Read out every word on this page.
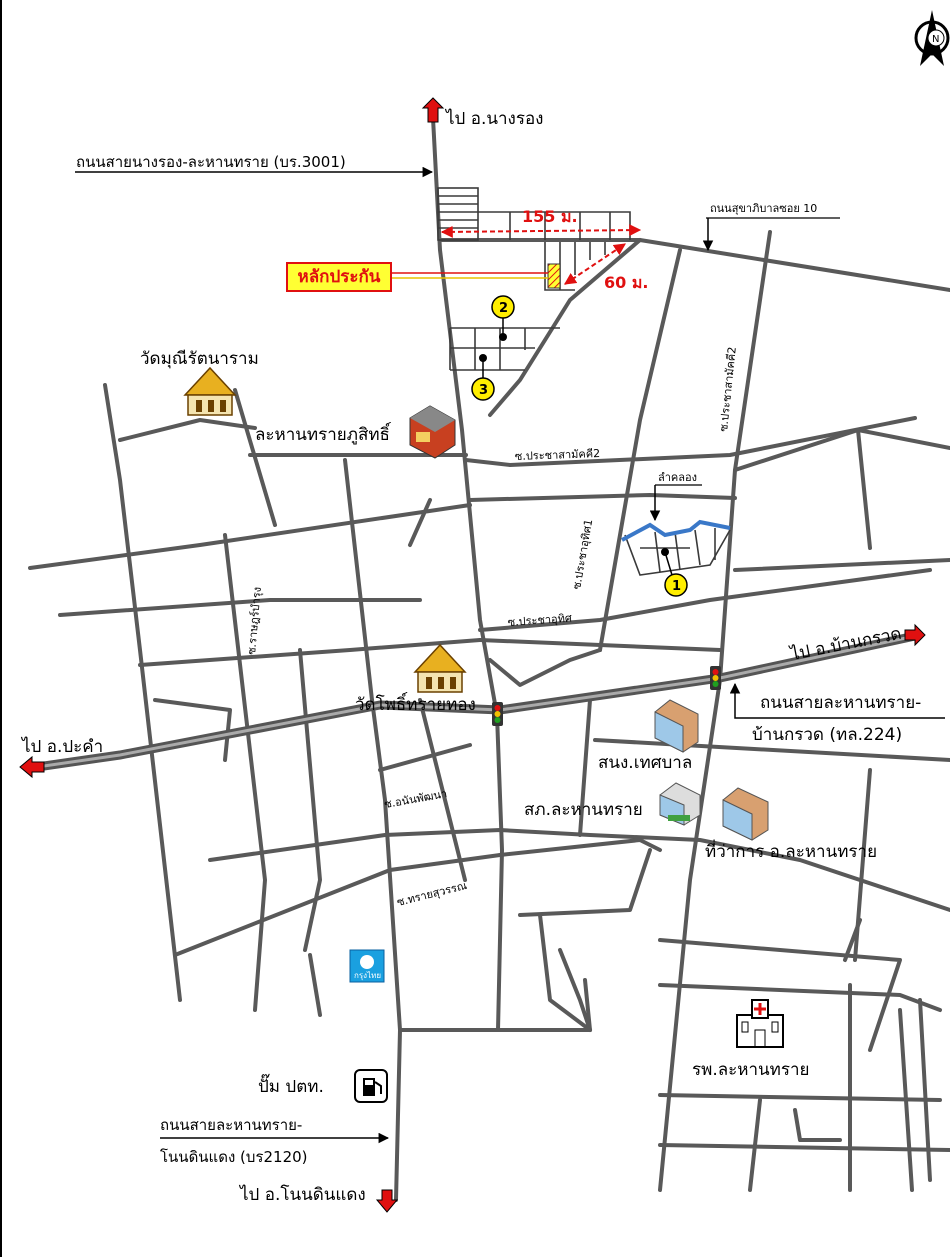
N
1
2
3
กรุงไทย
ไป อ.นางรอง
ถนนสายนางรอง-ละหานทราย (บร.3001)
ถนนสุขาภิบาลซอย 10
155 ม.
60 ม.
วัดมุณีรัตนาราม
ละหานทรายภูสิทธิ์
ซ.ประชาสามัคคี2
ซ.ประชาสามัคคี2
ลำคลอง
ซ.ประชาอุทิศ1
ซ.ประชาอุทิศ
ซ.ราษฎร์บำรุง	ไป อ.บ้านกรวด
วัดโพธิ์ทรายทอง	ถนนสายละหานทราย-
บ้านกรวด (ทล.224)
ไป อ.ปะคำ
สนง.เทศบาล
สภ.ละหานทราย
ที่ว่าการ อ.ละหานทราย
ซ.อนันพัฒนา
ซ.ทรายสุวรรณ
รพ.ละหานทราย
ปั๊ม ปตท.
ถนนสายละหานทราย-
โนนดินแดง (บร2120)
ไป อ.โนนดินแดง
หลักประกัน
